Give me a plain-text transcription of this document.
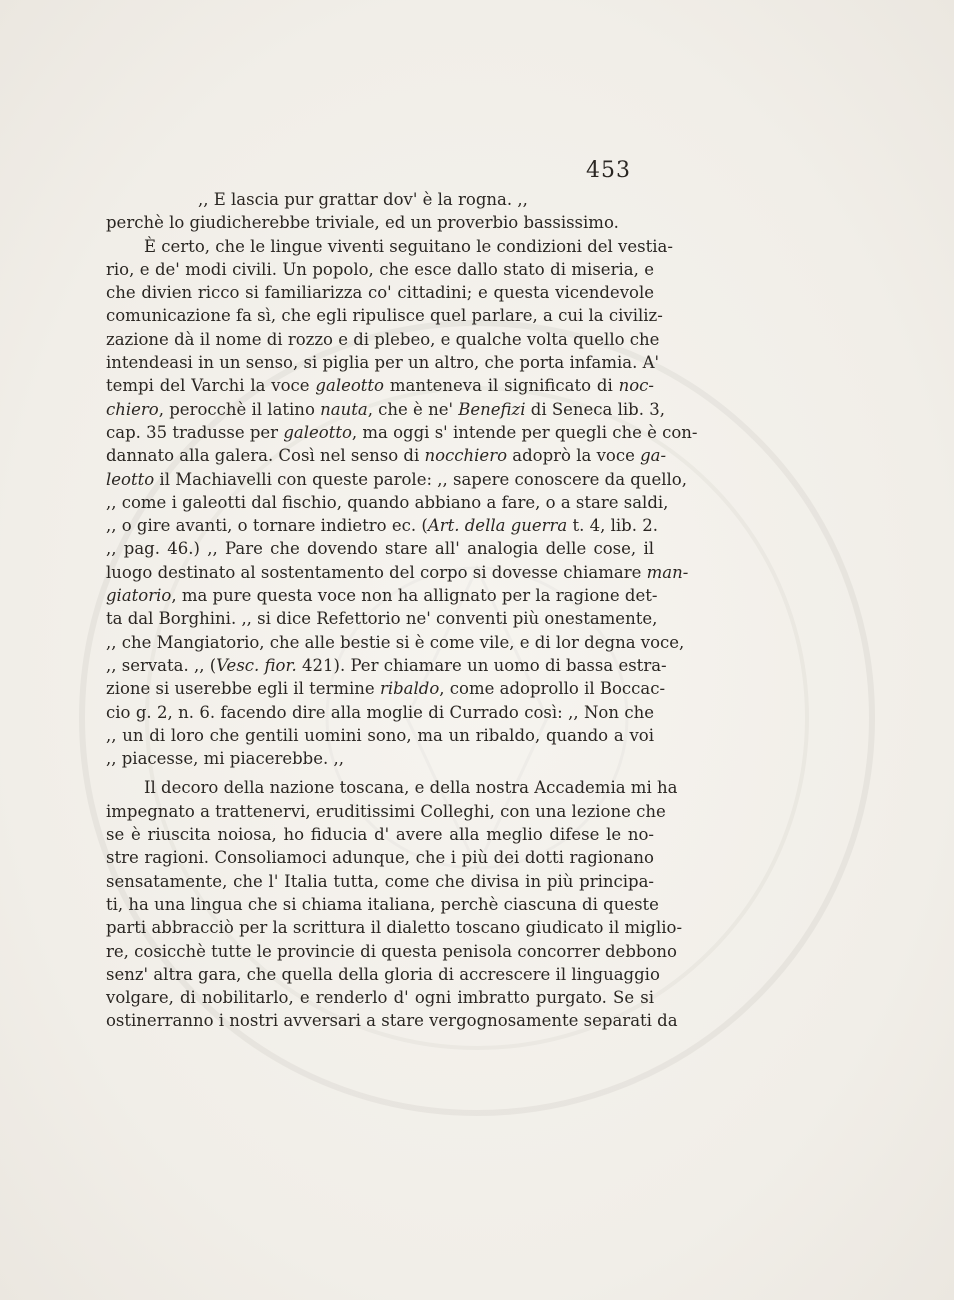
453
,, E lascia pur grattar dov' è la rogna. ,,
perchè lo giudicherebbe triviale, ed un proverbio bassissimo.
È certo, che le lingue viventi seguitano le condizioni del vestia-
rio, e de' modi civili. Un popolo, che esce dallo stato di miseria, e
che divien ricco si familiarizza co' cittadini; e questa vicendevole
comunicazione fa sì, che egli ripulisce quel parlare, a cui la civiliz-
zazione dà il nome di rozzo e di plebeo, e qualche volta quello che
intendeasi in un senso, si piglia per un altro, che porta infamia. A'
tempi del Varchi la voce galeotto manteneva il significato di noc-
chiero, perocchè il latino nauta, che è ne' Benefizi di Seneca lib. 3,
cap. 35 tradusse per galeotto, ma oggi s' intende per quegli che è con-
dannato alla galera. Così nel senso di nocchiero adoprò la voce ga-
leotto il Machiavelli con queste parole: ,, sapere conoscere da quello,
,, come i galeotti dal fischio, quando abbiano a fare, o a stare saldi,
,, o gire avanti, o tornare indietro ec. (Art. della guerra t. 4, lib. 2.
,, pag. 46.) ,, Pare che dovendo stare all' analogia delle cose, il
luogo destinato al sostentamento del corpo si dovesse chiamare man-
giatorio, ma pure questa voce non ha allignato per la ragione det-
ta dal Borghini. ,, si dice Refettorio ne' conventi più onestamente,
,, che Mangiatorio, che alle bestie si è come vile, e di lor degna voce,
,, servata. ,, (Vesc. fior. 421). Per chiamare un uomo di bassa estra-
zione si userebbe egli il termine ribaldo, come adoprollo il Boccac-
cio g. 2, n. 6. facendo dire alla moglie di Currado così: ,, Non che
,, un di loro che gentili uomini sono, ma un ribaldo, quando a voi
,, piacesse, mi piacerebbe. ,,
Il decoro della nazione toscana, e della nostra Accademia mi ha
impegnato a trattenervi, eruditissimi Colleghi, con una lezione che
se è riuscita noiosa, ho fiducia d' avere alla meglio difese le no-
stre ragioni. Consoliamoci adunque, che i più dei dotti ragionano
sensatamente, che l' Italia tutta, come che divisa in più principa-
ti, ha una lingua che si chiama italiana, perchè ciascuna di queste
parti abbracciò per la scrittura il dialetto toscano giudicato il miglio-
re, cosicchè tutte le provincie di questa penisola concorrer debbono
senz' altra gara, che quella della gloria di accrescere il linguaggio
volgare, di nobilitarlo, e renderlo d' ogni imbratto purgato. Se si
ostinerranno i nostri avversari a stare vergognosamente separati da
